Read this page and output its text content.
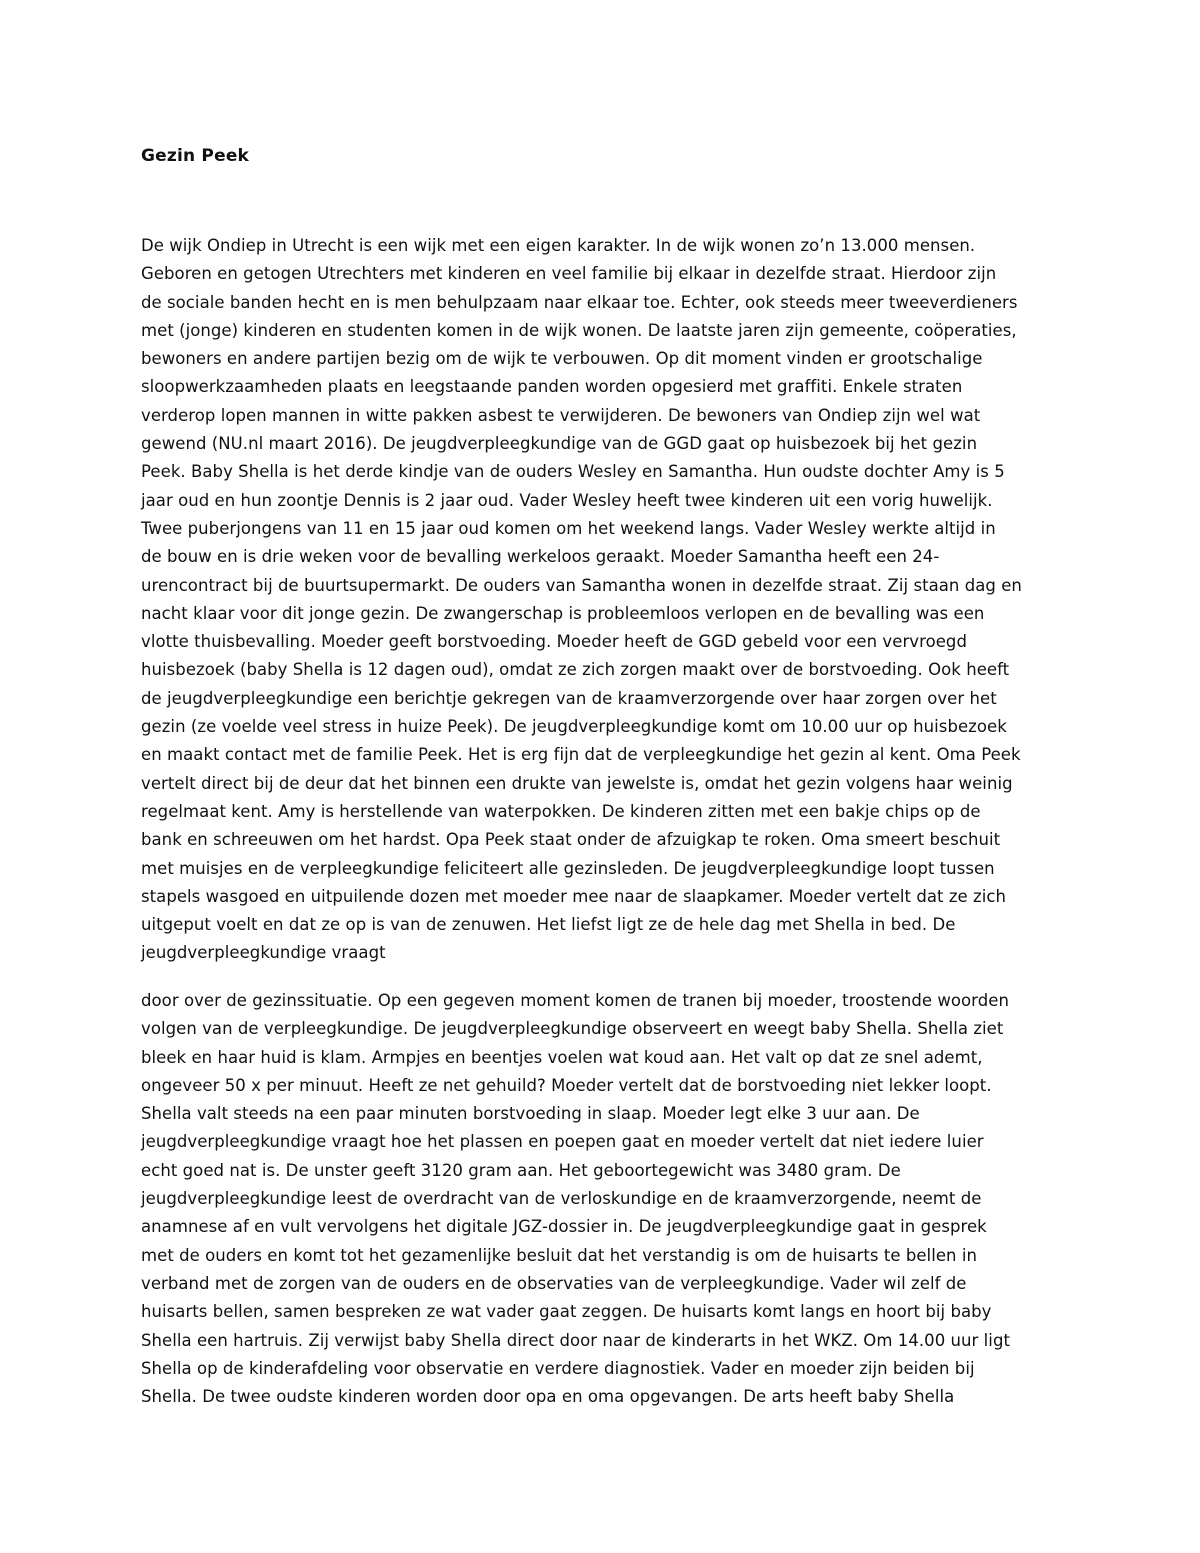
Gezin Peek
De wijk Ondiep in Utrecht is een wijk met een eigen karakter. In de wijk wonen zo’n 13.000 mensen.
Geboren en getogen Utrechters met kinderen en veel familie bij elkaar in dezelfde straat. Hierdoor zijn
de sociale banden hecht en is men behulpzaam naar elkaar toe. Echter, ook steeds meer tweeverdieners
met (jonge) kinderen en studenten komen in de wijk wonen. De laatste jaren zijn gemeente, coöperaties,
bewoners en andere partijen bezig om de wijk te verbouwen. Op dit moment vinden er grootschalige
sloopwerkzaamheden plaats en leegstaande panden worden opgesierd met graffiti. Enkele straten
verderop lopen mannen in witte pakken asbest te verwijderen. De bewoners van Ondiep zijn wel wat
gewend (NU.nl maart 2016). De jeugdverpleegkundige van de GGD gaat op huisbezoek bij het gezin
Peek. Baby Shella is het derde kindje van de ouders Wesley en Samantha. Hun oudste dochter Amy is 5
jaar oud en hun zoontje Dennis is 2 jaar oud. Vader Wesley heeft twee kinderen uit een vorig huwelijk.
Twee puberjongens van 11 en 15 jaar oud komen om het weekend langs. Vader Wesley werkte altijd in
de bouw en is drie weken voor de bevalling werkeloos geraakt. Moeder Samantha heeft een 24-
urencontract bij de buurtsupermarkt. De ouders van Samantha wonen in dezelfde straat. Zij staan dag en
nacht klaar voor dit jonge gezin. De zwangerschap is probleemloos verlopen en de bevalling was een
vlotte thuisbevalling. Moeder geeft borstvoeding. Moeder heeft de GGD gebeld voor een vervroegd
huisbezoek (baby Shella is 12 dagen oud), omdat ze zich zorgen maakt over de borstvoeding. Ook heeft
de jeugdverpleegkundige een berichtje gekregen van de kraamverzorgende over haar zorgen over het
gezin (ze voelde veel stress in huize Peek). De jeugdverpleegkundige komt om 10.00 uur op huisbezoek
en maakt contact met de familie Peek. Het is erg fijn dat de verpleegkundige het gezin al kent. Oma Peek
vertelt direct bij de deur dat het binnen een drukte van jewelste is, omdat het gezin volgens haar weinig
regelmaat kent. Amy is herstellende van waterpokken. De kinderen zitten met een bakje chips op de
bank en schreeuwen om het hardst. Opa Peek staat onder de afzuigkap te roken. Oma smeert beschuit
met muisjes en de verpleegkundige feliciteert alle gezinsleden. De jeugdverpleegkundige loopt tussen
stapels wasgoed en uitpuilende dozen met moeder mee naar de slaapkamer. Moeder vertelt dat ze zich
uitgeput voelt en dat ze op is van de zenuwen. Het liefst ligt ze de hele dag met Shella in bed. De
jeugdverpleegkundige vraagt
door over de gezinssituatie. Op een gegeven moment komen de tranen bij moeder, troostende woorden
volgen van de verpleegkundige. De jeugdverpleegkundige observeert en weegt baby Shella. Shella ziet
bleek en haar huid is klam. Armpjes en beentjes voelen wat koud aan. Het valt op dat ze snel ademt,
ongeveer 50 x per minuut. Heeft ze net gehuild? Moeder vertelt dat de borstvoeding niet lekker loopt.
Shella valt steeds na een paar minuten borstvoeding in slaap. Moeder legt elke 3 uur aan. De
jeugdverpleegkundige vraagt hoe het plassen en poepen gaat en moeder vertelt dat niet iedere luier
echt goed nat is. De unster geeft 3120 gram aan. Het geboortegewicht was 3480 gram. De
jeugdverpleegkundige leest de overdracht van de verloskundige en de kraamverzorgende, neemt de
anamnese af en vult vervolgens het digitale JGZ-dossier in. De jeugdverpleegkundige gaat in gesprek
met de ouders en komt tot het gezamenlijke besluit dat het verstandig is om de huisarts te bellen in
verband met de zorgen van de ouders en de observaties van de verpleegkundige. Vader wil zelf de
huisarts bellen, samen bespreken ze wat vader gaat zeggen. De huisarts komt langs en hoort bij baby
Shella een hartruis. Zij verwijst baby Shella direct door naar de kinderarts in het WKZ. Om 14.00 uur ligt
Shella op de kinderafdeling voor observatie en verdere diagnostiek. Vader en moeder zijn beiden bij
Shella. De twee oudste kinderen worden door opa en oma opgevangen. De arts heeft baby Shella
